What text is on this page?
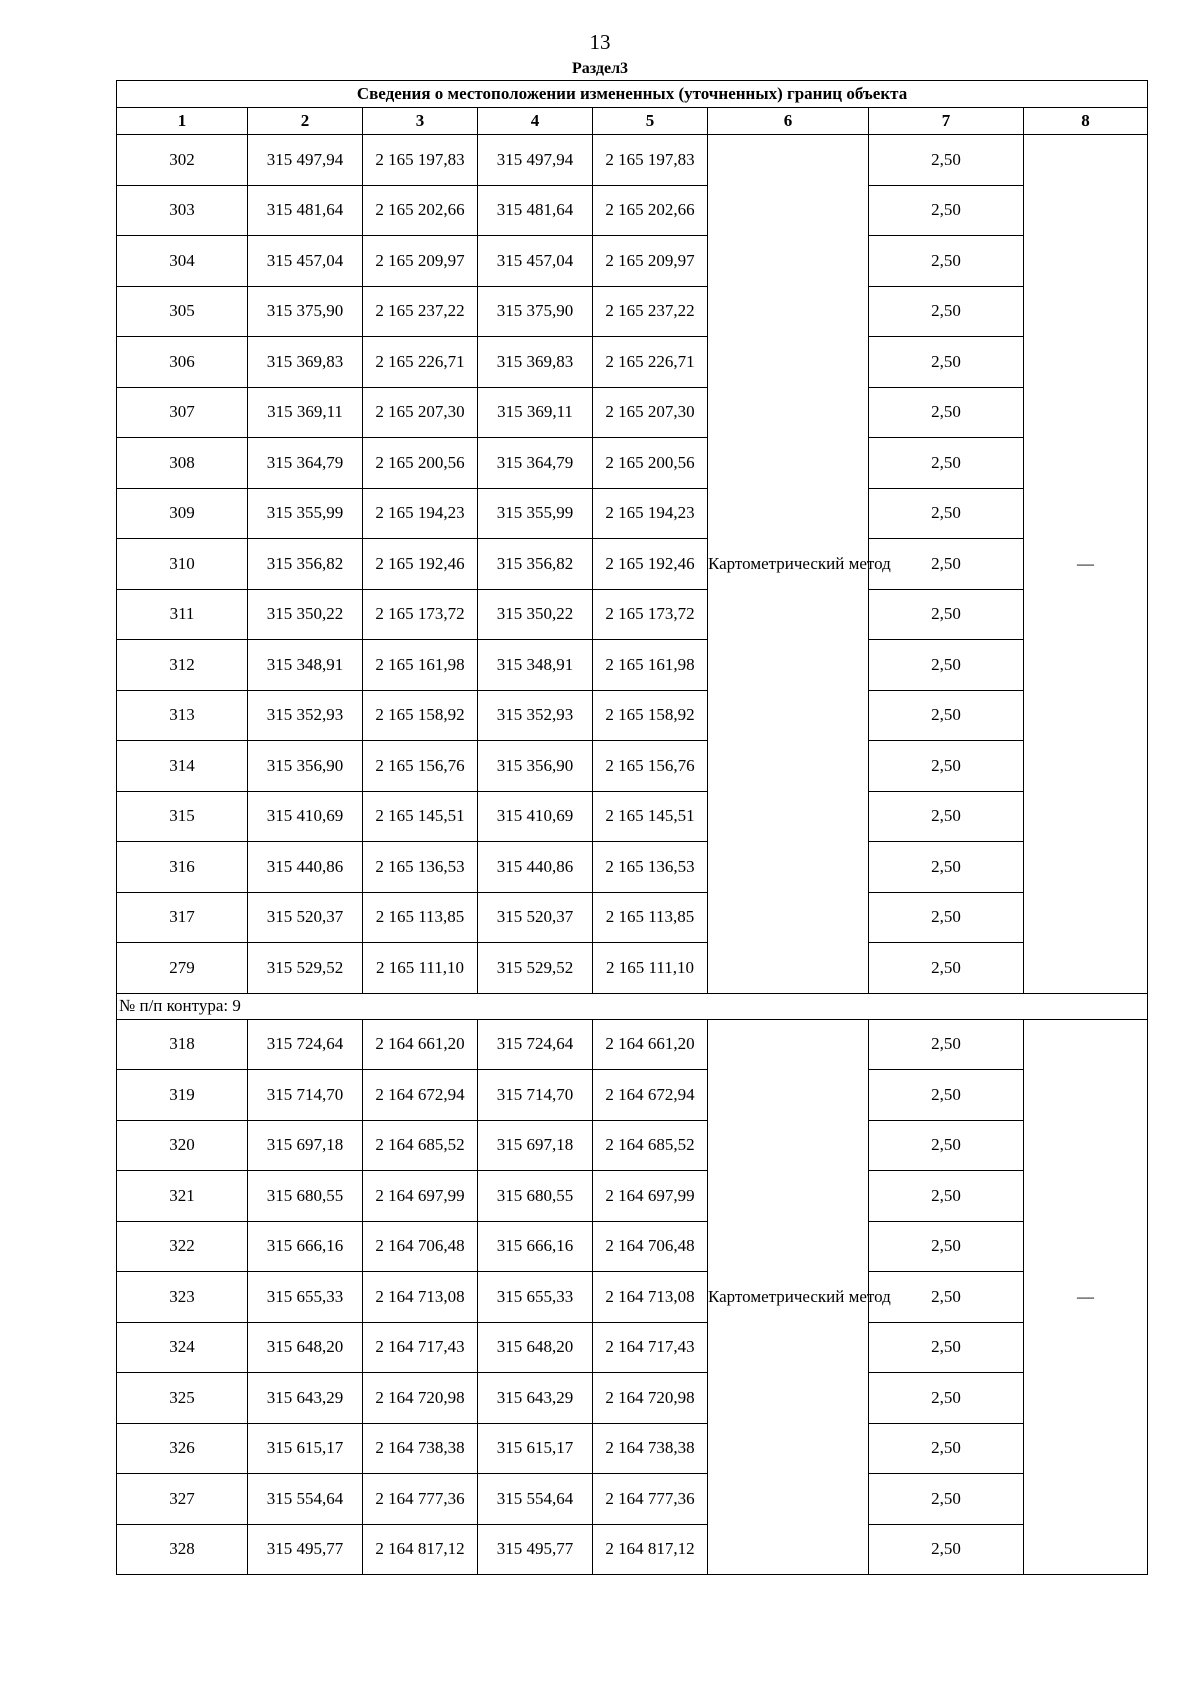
13
Раздел3
Сведения о местоположении измененных (уточненных) границ объекта							
1	2	3	4	5	6	7	8
302	315 497,94	2 165 197,83	315 497,94	2 165 197,83	Картометрический метод	2,50	—
303	315 481,64	2 165 202,66	315 481,64	2 165 202,66		2,50	
304	315 457,04	2 165 209,97	315 457,04	2 165 209,97		2,50	
305	315 375,90	2 165 237,22	315 375,90	2 165 237,22		2,50	
306	315 369,83	2 165 226,71	315 369,83	2 165 226,71		2,50	
307	315 369,11	2 165 207,30	315 369,11	2 165 207,30		2,50	
308	315 364,79	2 165 200,56	315 364,79	2 165 200,56		2,50	
309	315 355,99	2 165 194,23	315 355,99	2 165 194,23		2,50	
310	315 356,82	2 165 192,46	315 356,82	2 165 192,46		2,50	
311	315 350,22	2 165 173,72	315 350,22	2 165 173,72		2,50	
312	315 348,91	2 165 161,98	315 348,91	2 165 161,98		2,50	
313	315 352,93	2 165 158,92	315 352,93	2 165 158,92		2,50	
314	315 356,90	2 165 156,76	315 356,90	2 165 156,76		2,50	
315	315 410,69	2 165 145,51	315 410,69	2 165 145,51		2,50	
316	315 440,86	2 165 136,53	315 440,86	2 165 136,53		2,50	
317	315 520,37	2 165 113,85	315 520,37	2 165 113,85		2,50	
279	315 529,52	2 165 111,10	315 529,52	2 165 111,10		2,50	
№ п/п контура: 9							
318	315 724,64	2 164 661,20	315 724,64	2 164 661,20	Картометрический метод	2,50	—
319	315 714,70	2 164 672,94	315 714,70	2 164 672,94		2,50	
320	315 697,18	2 164 685,52	315 697,18	2 164 685,52		2,50	
321	315 680,55	2 164 697,99	315 680,55	2 164 697,99		2,50	
322	315 666,16	2 164 706,48	315 666,16	2 164 706,48		2,50	
323	315 655,33	2 164 713,08	315 655,33	2 164 713,08		2,50	
324	315 648,20	2 164 717,43	315 648,20	2 164 717,43		2,50	
325	315 643,29	2 164 720,98	315 643,29	2 164 720,98		2,50	
326	315 615,17	2 164 738,38	315 615,17	2 164 738,38		2,50	
327	315 554,64	2 164 777,36	315 554,64	2 164 777,36		2,50	
328	315 495,77	2 164 817,12	315 495,77	2 164 817,12		2,50	
